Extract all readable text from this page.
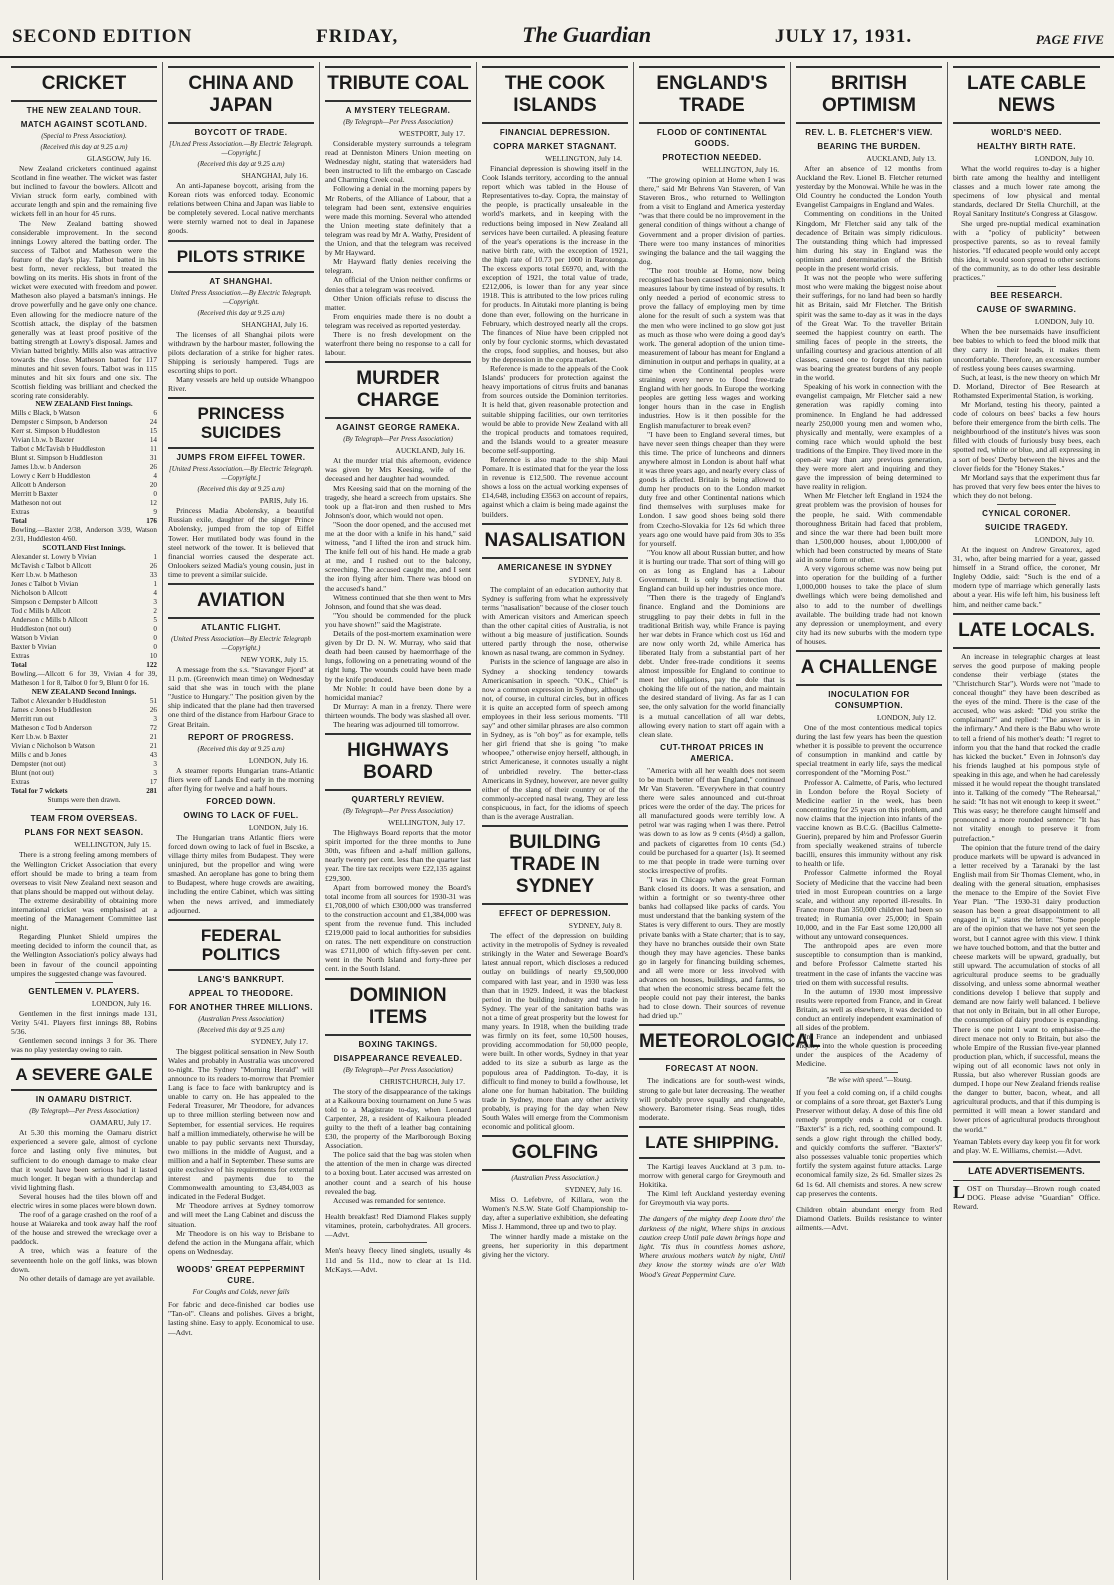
SECOND EDITION	FRIDAY,	The Guardian	JULY 17, 1931.	PAGE FIVE
CRICKET
THE NEW ZEALAND TOUR.
MATCH AGAINST SCOTLAND.
(Special to Press Association).
(Received this day at 9.25 a.m)
GLASGOW, July 16.

New Zealand cricketers continued against Scotland in fine weather. The wicket was faster but inclined to favour the bowlers. Allcott and Vivian struck form early, combined with accurate length and spin and the remaining five wickets fell in an hour for 45 runs.

The New Zealand batting showed considerable improvement. In the second innings Lowry altered the batting order. The success of Talbot and Matheson were the feature of the day's play. Talbot batted in his best form, never reckless, but treated the bowling on its merits. His shots in front of the wicket were executed with freedom and power. Matheson also played a batsman's innings. He drove powerfully and he gave only one chance. Even allowing for the mediocre nature of the Scottish attack, the display of the batsmen generally was at least proof positive of the batting strength at Lowry's disposal. James and Vivian batted brightly. Mills also was attractive towards the close. Matheson batted for 117 minutes and hit seven fours. Talbot was in 115 minutes and hit six fours and one six. The Scottish fielding was brilliant and checked the scoring rate considerably.

NEW ZEALAND First Innings.
Mills c Black, b Watson	6
Dempster c Simpson, b Anderson	24
Kerr st. Simpson b Huddleston	15
Vivian l.b.w. b Baxter	14
Talbot c McTavish b Huddleston	11
Blunt st. Simpson b Huddleston	31
James l.b.w. b Anderson	26
Lowry c Kerr b Huddleston	4
Allcott b Anderson	20
Merritt b Baxter	0
Matheson not out	12
Extras	9
Total	176
Bowling.—Baxter 2/38, Anderson 3/39, Watson 2/31, Huddleston 4/60.
SCOTLAND First Innings.
Alexander st. Lowry b Vivian	1
McTavish c Talbot b Allcott	26
Kerr l.b.w. b Matheson	33
Jones c Talbot b Vivian	1
Nicholson b Allcott	4
Simpson c Dempster b Allcott	3
Tod c Mills b Allcott	2
Anderson c Mills b Allcott	5
Huddleston (not out)	0
Watson b Vivian	0
Baxter b Vivian	0
Extras	10
Total	122
Bowling.—Allcott 6 for 39, Vivian 4 for 39, Matheson 1 for 8, Talbot 0 for 9, Blunt 0 for 16.
NEW ZEALAND Second Innings.
Talbot c Alexander b Huddleston	51
James c Jones b Huddleston	26
Merritt run out	3
Matheson c Tod b Anderson	72
Kerr l.b.w. b Baxter	21
Vivian c Nicholson b Watson	21
Mills c and b Jones	43
Dempster (not out)	3
Blunt (not out)	3
Extras	17
Total for 7 wickets	281
Stumps were then drawn.
TEAM FROM OVERSEAS.
PLANS FOR NEXT SEASON.
WELLINGTON, July 15.

There is a strong feeling among members of the Wellington Cricket Association that every effort should be made to bring a team from overseas to visit New Zealand next season and that plans should be mapped out without delay.

The extreme desirability of obtaining more international cricket was emphasised at a meeting of the Management Committee last night.

Regarding Plunket Shield umpires the meeting decided to inform the council that, as the Wellington Association's policy always had been in favour of the council appointing umpires the suggested change was favoured.

GENTLEMEN V. PLAYERS.
LONDON, July 16.

Gentlemen in the first innings made 131, Verity 5/41. Players first innings 88, Robins 5/36.

Gentlemen second innings 3 for 36. There was no play yesterday owing to rain.

A SEVERE GALE
IN OAMARU DISTRICT.
(By Telegraph—Per Press Association)
OAMARU, July 17.

At 5.30 this morning the Oamaru district experienced a severe gale, almost of cyclone force and lasting only five minutes, but sufficient to do enough damage to make clear that it would have been serious had it lasted much longer. It began with a thunderclap and vivid lightning flash.

Several houses had the tiles blown off and electric wires in some places were blown down.

The roof of a garage crashed on the roof of a house at Waiareka and took away half the roof of the house and strewed the wreckage over a paddock.

A tree, which was a feature of the seventeenth hole on the golf links, was blown down.

No other details of damage are yet available.

CHINA AND JAPAN
BOYCOTT OF TRADE.
[Un.ted Press Association.—By Electric Telegraph.—Copyright.]
(Received this day at 9.25 a.m)
SHANGHAI, July 16.

An anti-Japanese boycott, arising from the Korean riots was enforced today. Economic relations between China and Japan was liable to be completely severed. Local native merchants were sternly warned not to deal in Japanese goods.

PILOTS STRIKE
AT SHANGHAI.
United Press Association.—By Electric Telegraph.—Copyright.
(Received this day at 9.25 a.m)
SHANGHAI, July 16.

The licenses of all Shanghai pilots were withdrawn by the harbour master, following the pilots declaration of a strike for higher rates. Shipping is seriously hampered. Tugs are escorting ships to port.

Many vessels are held up outside Whangpoo River.

PRINCESS SUICIDES
JUMPS FROM EIFFEL TOWER.
[United Press Association.—By Electric Telegraph.—Copyright.]
(Received this day at 9.25 a.m)
PARIS, July 16.

Princess Madia Abolensky, a beautiful Russian exile, daughter of the singer Prince Abolensky, jumped from the top of Eiffel Tower. Her mutilated body was found in the steel network of the tower. It is believed that financial worries caused the desperate act. Onlookers seized Madia's young cousin, just in time to prevent a similar suicide.

AVIATION
ATLANTIC FLIGHT.
(United Press Association—By Electric Telegraph—Copyright.)
NEW YORK, July 15.

A message from the s.s. "Stavanger Fjord" at 11 p.m. (Greenwich mean time) on Wednesday said that she was in touch with the plane "Justice to Hungary." The position given by the ship indicated that the plane had then traversed one third of the distance from Harbour Grace to Great Britain.

REPORT OF PROGRESS.
(Received this day at 9.25 a.m)
LONDON, July 16.

A steamer reports Hungarian trans-Atlantic fliers were off Lands End early in the morning after flying for twelve and a half hours.

FORCED DOWN.
OWING TO LACK OF FUEL.
LONDON, July 16.

The Hungarian trans Atlantic fliers were forced down owing to lack of fuel in Bscske, a village thirty miles from Budapest. They were uninjured, but the propellor and wing were smashed. An aeroplane has gone to bring them to Budapest, where huge crowds are awaiting, including the entire Cabinet, which was sitting when the news arrived, and immediately adjourned.

FEDERAL POLITICS
LANG'S BANKRUPT.
APPEAL TO THEODORE.
FOR ANOTHER THREE MILLIONS.
(Australian Press Association)
(Received this day at 9.25 a.m)
SYDNEY, July 17.

The biggest political sensation in New South Wales and probably in Australia was uncovered to-night. The Sydney "Morning Herald" will announce to its readers to-morrow that Premier Lang is face to face with bankruptcy and is unable to carry on. He has appealed to the Federal Treasurer, Mr Theodore, for advances up to three million sterling between now and September, for essential services. He requires half a million immediately, otherwise he will be unable to pay public servants next Thursday, two millions in the middle of August, and a million and a half in September. These sums are quite exclusive of his requirements for external interest and payments due to the Commonwealth amounting to £3,484,003 as indicated in the Federal Budget.

Mr Theodore arrives at Sydney tomorrow and will meet the Lang Cabinet and discuss the situation.

Mr Theodore is on his way to Brisbane to defend the action in the Mungana affair, which opens on Wednesday.

WOODS' GREAT PEPPERMINT CURE.
For Coughs and Colds, never fails

For fabric and dece-finished car bodies use "Tan-ol". Cleans and polishes. Gives a bright, lasting shine. Easy to apply. Economical to use.—Advt.

TRIBUTE COAL
A MYSTERY TELEGRAM.
(By Telegraph—Per Press Association)
WESTPORT, July 17.

Considerable mystery surrounds a telegram read at Denniston Miners Union meeting on Wednesday night, stating that watersiders had been instructed to lift the embargo on Cascade and Charming Creek coal.

Following a denial in the morning papers by Mr Roberts, of the Alliance of Labour, that a telegram had been sent, extensive enquiries were made this morning. Several who attended the Union meeting state definitely that a telegram was read by Mr A. Wathy, President of the Union, and that the telegram was received by Mr Hayward.

Mr Hayward flatly denies receiving the telegram.

An official of the Union neither confirms or denies that a telegram was received.

Other Union officials refuse to discuss the matter.

From enquiries made there is no doubt a telegram was received as reported yesterday.

There is no fresh development on the waterfront there being no response to a call for labour.

MURDER CHARGE
AGAINST GEORGE RAMEKA.
(By Telegraph—Per Press Association)
AUCKLAND, July 16.

At the murder trial this afternoon, evidence was given by Mrs Keesing, wife of the deceased and her daughter had wounded.

Mrs Keesing said that on the morning of the tragedy, she heard a screech from upstairs. She took up a flat-iron and then rushed to Mrs Johnson's door, which would not open.

"Soon the door opened, and the accused met me at the door with a knife in his hand," said witness, "and I lifted the iron and struck him. The knife fell out of his hand. He made a grab at me, and I rushed out to the balcony, screeching. The accused caught me, and I sent the iron flying after him. There was blood on the accused's hand."

Witness continued that she then went to Mrs Johnson, and found that she was dead.

"You should be commended for the pluck you have shown!" said the Magistrate.

Details of the post-mortem examination were given by Dr D. N. W. Murray, who said that death had been caused by haemorrhage of the lungs, following on a penetrating wound of the right lung. The wounds could have been made by the knife produced.

Mr Noble: It could have been done by a homicidal maniac?

Dr Murray: A man in a frenzy. There were thirteen wounds. The body was slashed all over.

The hearing was adjourned till tomorrow.

HIGHWAYS BOARD
QUARTERLY REVIEW.
(By Telegraph—Per Press Association)
WELLINGTON, July 17.

The Highways Board reports that the motor spirit imported for the three months to June 30th, was fifteen and a-half million gallons, nearly twenty per cent. less than the quarter last year. The tire tax receipts were £22,135 against £29,300.

Apart from borrowed money the Board's total income from all sources for 1930-31 was £1,708,000 of which £300,000 was transferred to the construction account and £1,384,000 was spent from the revenue fund. This included £219,000 paid to local authorities for subsidies on rates. The nett expenditure on construction was £711,000 of which fifty-seven per cent. went in the North Island and forty-three per cent. in the South Island.

DOMINION ITEMS
BOXING TAKINGS.
DISAPPEARANCE REVEALED.
(By Telegraph—Per Press Association)
CHRISTCHURCH, July 17.

The story of the disappearance of the takings at a Kaikoura boxing tournament on June 5 was told to a Magistrate to-day, when Leonard Carpenter, 28, a resident of Kaikoura pleaded guilty to the theft of a leather bag containing £30, the property of the Marlborough Boxing Association.

The police said that the bag was stolen when the attention of the men in charge was directed to a boxing bout. Later accused was arrested on another count and a search of his house revealed the bag.

Accused was remanded for sentence.

Health breakfast! Red Diamond Flakes supply vitamines, protein, carbohydrates. All grocers.—Advt.

Men's heavy fleecy lined singlets, usually 4s 11d and 5s 11d., now to clear at 1s 11d. McKays.—Advt.

THE COOK ISLANDS
FINANCIAL DEPRESSION.
COPRA MARKET STAGNANT.
WELLINGTON, July 14.

Financial depression is showing itself in the Cook Islands territory, according to the annual report which was tabled in the House of Representatives to-day. Copra, the mainstay of the people, is practically unsaleable in the world's markets, and in keeping with the reductions being imposed in New Zealand all services have been curtailed. A pleasing feature of the year's operations is the increase in the native birth rate, with the exception of 1921, the high rate of 10.73 per 1000 in Rarotonga. The excess exports total £6970, and, with the exception of 1921, the total value of trade, £212,006, is lower than for any year since 1918. This is attributed to the low prices ruling for products. In Aitutaki more planting is being done than ever, following on the hurricane in February, which destroyed nearly all the crops. The finances of Niue have been crippled not only by four cyclonic storms, which devastated the crops, food supplies, and houses, but also by the depression in the copra market.

Reference is made to the appeals of the Cook Islands' producers for protection against the heavy importations of citrus fruits and bananas from sources outside the Dominion territories. It is held that, given reasonable protection and suitable shipping facilities, our own territories would be able to provide New Zealand with all the tropical products and tomatoes required, and the Islands would to a greater measure become self-supporting.

Reference is also made to the ship Maui Pomare. It is estimated that for the year the loss in revenue is £12,500. The revenue account shows a loss on the actual working expenses of £14,648, including £3563 on account of repairs, against which a claim is being made against the builders.

NASALISATION
AMERICANESE IN SYDNEY
SYDNEY, July 8.

The complaint of an education authority that Sydney is suffering from what he expressively terms "nasalisation" because of the closer touch with American visitors and American speech than the other capital cities of Australia, is not without a big measure of justification. Sounds uttered partly through the nose, otherwise known as nasal twang, are common in Sydney.

Purists in the science of language are also in Sydney a shocking tendency towards Americanisation in speech. "O.K., Chief" is now a common expression in Sydney, although not, of course, in cultural circles, but in offices it is quite an accepted form of speech among employees in their less serious moments. "I'll say" and other similar phrases are also common in Sydney, as is "oh boy" as for example, tells her girl friend that she is going "to make whoopee," otherwise enjoy herself, although, in strict Americanese, it connotes usually a night of unbridled revelry. The better-class Americans in Sydney, however, are never guilty either of the slang of their country or of the commonly-accepted nasal twang. They are less conspicuous, in fact, for the idioms of speech than is the average Australian.

BUILDING TRADE IN SYDNEY
EFFECT OF DEPRESSION.
SYDNEY, July 8.

The effect of the depression on building activity in the metropolis of Sydney is revealed strikingly in the Water and Sewerage Board's latest annual report, which discloses a reduced outlay on buildings of nearly £9,500,000 compared with last year, and in 1930 was less than that in 1929. Indeed, it was the blackest period in the building industry and trade in Sydney. The year of the sanitation baths was not a time of great prosperity but the lowest for many years. In 1918, when the building trade was firmly on its feet, some 10,500 houses, providing accommodation for 50,000 people, were built. In other words, Sydney in that year added to its size a suburb as large as the populous area of Paddington. To-day, it is difficult to find money to build a fowlhouse, let alone one for human habitation. The building trade in Sydney, more than any other activity probably, is praying for the day when New South Wales will emerge from the Commonism economic and political gloom.

GOLFING
(Australian Press Association.)
SYDNEY, July 16.

Miss O. Lefebvre, of Killara, won the Women's N.S.W. State Golf Championship to-day, after a superlative exhibition, she defeating Miss J. Hammond, three up and two to play.

The winner hardly made a mistake on the greens, her superiority in this department giving her the victory.

ENGLAND'S TRADE
FLOOD OF CONTINENTAL GOODS.
PROTECTION NEEDED.
WELLINGTON, July 16.

"The growing opinion at Home when I was there," said Mr Behrens Van Staveren, of Van Staveren Bros., who returned to Wellington from a visit to England and America yesterday "was that there could be no improvement in the general condition of things without a change of Government and a proper division of parties. There were too many instances of minorities swinging the balance and the tail wagging the dog.

"The root trouble at Home, now being recognised has been caused by unionism, which measures labour by time instead of by results. It only needed a period of economic stress to prove the fallacy of employing men by time alone for the result of such a system was that the men who were inclined to go slow got just as much as those who were doing a good day's work. The general adoption of the union time-measurement of labour has meant for England a diminution in output and perhaps in quality, at a time when the Continental peoples were straining every nerve to flood free-trade England with her goods. In Europe the working peoples are getting less wages and working longer hours than in the case in English industries. How is it then possible for the English manufacturer to break even?

"I have been to England several times, but have never seen things cheaper than they were this time. The price of luncheons and dinners anywhere almost in London is about half what it was three years ago, and nearly every class of goods is affected. Britain is being allowed to dump her products on to the London market duty free and other Continental nations which find themselves with surpluses make for London. I saw good shoes being sold there from Czecho-Slovakia for 12s 6d which three years ago one would have paid from 30s to 35s for yourself.

"You know all about Russian butter, and how it is hurting our trade. That sort of thing will go on as long as England has a Labour Government. It is only by protection that England can build up her industries once more.

"Then there is the tragedy of England's finance. England and the Dominions are struggling to pay their debts in full in the traditional British way, while France is paying her war debts in France which cost us 16d and are now only worth 2d, while America has liberated Italy from a substantial part of her debt. Under free-trade conditions it seems almost impossible for England to continue to meet her obligations, pay the dole that is choking the life out of the nation, and maintain the desired standard of living. As far as I can see, the only salvation for the world financially is a mutual cancellation of all war debts, allowing every nation to start off again with a clean slate.

CUT-THROAT PRICES IN AMERICA.

"America with all her wealth does not seem to be much better off than England," continued Mr Van Staveren. "Everywhere in that country there were sales announced and cut-throat prices were the order of the day. The prices for all manufactured goods were terribly low. A petrol war was raging when I was there. Petrol was down to as low as 9 cents (4½d) a gallon, and packets of cigarettes from 10 cents (5d.) could be purchased for a quarter (1s). It seemed to me that people in trade were turning over stocks irrespective of profits.

"I was in Chicago when the great Forman Bank closed its doors. It was a sensation, and within a fortnight or so twenty-three other banks had collapsed like packs of cards. You must understand that the banking system of the States is very different to ours. They are mostly private banks with a State charter; that is to say, they have no branches outside their own State though they may have agencies. These banks go in largely for financing building schemes, and all were more or less involved with advances on houses, buildings, and farms, so that when the economic stress became felt the people could not pay their interest, the banks had to close down. Their sources of revenue had dried up."

METEOROLOGICAL
FORECAST AT NOON.

The indications are for south-west winds, strong to gale but later decreasing. The weather will probably prove squally and changeable, showery. Barometer rising. Seas rough, tides moderate.

LATE SHIPPING.

The Kartigi leaves Auckland at 3 p.m. to-morrow with general cargo for Greymouth and Hokitika.

The Kiml left Auckland yesterday evening for Greymouth via way ports.

The dangers of the mighty deep Loom thro' the darkness of the night, Where ships in anxious caution creep Until pale dawn brings hope and light. 'Tis thus in countless homes ashore, Where anxious mothers watch by night, Until they know the stormy winds are o'er With Wood's Great Peppermint Cure.

BRITISH OPTIMISM
REV. L. B. FLETCHER'S VIEW.
BEARING THE BURDEN.
AUCKLAND, July 13.

After an absence of 12 months from Auckland the Rev. Lionel B. Fletcher returned yesterday by the Monowai. While he was in the Old Country he conducted the London Youth Evangelist Campaigns in England and Wales.

Commenting on conditions in the United Kingdom, Mr Fletcher said any talk of the decadence of Britain was simply ridiculous. The outstanding thing which had impressed him during his stay in England was the optimism and determination of the British people in the present world crisis.

It was not the people who were suffering most who were making the biggest noise about their sufferings, for no land had been so hardly hit as Britain, said Mr Fletcher. The British spirit was the same to-day as it was in the days of the Great War. To the traveller Britain seemed the happiest country on earth. The smiling faces of people in the streets, the unfailing courtesy and gracious attention of all classes, caused one to forget that this nation was bearing the greatest burdens of any people in the world.

Speaking of his work in connection with the evangelist campaign, Mr Fletcher said a new generation was rapidly coming into prominence. In England he had addressed nearly 250,000 young men and women who, physically and mentally, were examples of a coming race which would uphold the best traditions of the Empire. They lived more in the open-air way than any previous generation, they were more alert and inquiring and they gave the impression of being determined to have reality in religion.

When Mr Fletcher left England in 1924 the great problem was the provision of houses for the people, he said. With commendable thoroughness Britain had faced that problem, and since the war there had been built more than 1,500,000 houses, about 1,000,000 of which had been constructed by means of State aid in some form or other.

A very vigorous scheme was now being put into operation for the building of a further 1,000,000 houses to take the place of slum dwellings which were being demolished and also to add to the number of dwellings available. The building trade had not known any depression or unemployment, and every city had its new suburbs with the modern type of houses.

A CHALLENGE
INOCULATION FOR CONSUMPTION.
LONDON, July 12.

One of the most contentious medical topics during the last few years has been the question whether it is possible to prevent the occurrence of consumption in mankind and cattle by special treatment in early life, says the medical correspondent of the "Morning Post."

Professor A. Calmette, of Paris, who lectured in London before the Royal Society of Medicine earlier in the week, has been concentrating for 25 years on this problem, and now claims that the injection into infants of the vaccine known as B.C.G. (Bacillus Calmette-Guerin), prepared by him and Professor Guerin from specially weakened strains of tubercle bacilli, ensures this immunity without any risk to health or life.

Professor Calmette informed the Royal Society of Medicine that the vaccine had been tried in most European countries on a large scale, and without any reported ill-results. In France more than 350,000 children had been so treated; in Rumania over 25,000; in Spain 10,000, and in the Far East some 120,000 all without any untoward consequences.

The anthropoid apes are even more susceptible to consumption than is mankind, and before Professor Calmette started his treatment in the case of infants the vaccine was tried on them with successful results.

In the autumn of 1930 most impressive results were reported from France, and in Great Britain, as well as elsewhere, it was decided to conduct an entirely independent examination of all sides of the problem.

In France an independent and unbiased enquiry into the whole question is proceeding under the auspices of the Academy of Medicine.

"Be wise with speed."—Young.

If you feel a cold coming on, if a child coughs or complains of a sore throat, get Baxter's Lung Preserver without delay. A dose of this fine old remedy promptly ends a cold or cough. "Baxter's" is a rich, red, soothing compound. It sends a glow right through the chilled body, and quickly comforts the sufferer. "Baxter's" also possesses valuable tonic properties which fortify the system against future attacks. Large economical family size, 2s 6d. Smaller sizes 2s 6d 1s 6d. All chemists and stores. A new screw cap preserves the contents.

Children obtain abundant energy from Red Diamond Oatlets. Builds resistance to winter ailments.—Advt.

LATE CABLE NEWS
WORLD'S NEED.
HEALTHY BIRTH RATE.
LONDON, July 10.

What the world requires to-day is a higher birth rate among the healthy and intelligent classes and a much lower rate among the specimens of low physical and mental standards, declared Dr Stella Churchill, at the Royal Sanitary Institute's Congress at Glasgow.

She urged pre-nuptial medical examination with a "policy of publicity" between prospective parents, so as to reveal family histories. "If educated people would only accept this idea, it would soon spread to other sections of the community, as to do other less desirable practices."

BEE RESEARCH.
CAUSE OF SWARMING.
LONDON, July 10.

When the bee nursemaids have insufficient bee babies to which to feed the blood milk that they carry in their heads, it makes them uncomfortable. Therefore, an excessive number of restless young bees causes swarming.

Such, at least, is the new theory on which Mr D. Morland, Director of Bee Research at Rothamsted Experimental Station, is working.

Mr Morland, testing his theory, painted a code of colours on bees' backs a few hours before their emergence from the birth cells. The neighbourhood of the institute's hives was soon filled with clouds of furiously busy bees, each spotted red, white or blue, and all expressing in a sort of bees' Derby between the hives and the clover fields for the "Honey Stakes."

Mr Morland says that the experiment thus far has proved that very few bees enter the hives to which they do not belong.

CYNICAL CORONER.
SUICIDE TRAGEDY.
LONDON, July 10.

At the inquest on Andrew Greatorex, aged 31, who, after being married for a year, gassed himself in a Strand office, the coroner, Mr Ingleby Oddie, said: "Such is the end of a modern type of marriage which generally lasts about a year. His wife left him, his business left him, and neither came back."

LATE LOCALS.

An increase in telegraphic charges at least serves the good purpose of making people condense their verbiage (states the "Christchurch Star"). Words were not "made to conceal thought" they have been described as the eyes of the mind. There is the case of the accused, who was asked: "Did you strike the complainant?" and replied: "The answer is in the infirmary." And there is the Babu who wrote to tell a friend of his mother's death: "I regret to inform you that the hand that rocked the cradle has kicked the bucket." Even in Johnson's day his friends laughed at his pompous style of speaking in this age, and when he had carelessly missed it he would repeat the thought translated into it. Talking of the comedy "The Rehearsal," he said: "It has not wit enough to keep it sweet." This was easy; he therefore caught himself and pronounced a more rounded sentence: "It has not vitality enough to preserve it from putrefaction."

The opinion that the future trend of the dairy produce markets will be upward is advanced in a letter received by a Taranaki by the last English mail from Sir Thomas Clement, who, in dealing with the general situation, emphasises the menace to the Empire of the Soviet Five Year Plan. "The 1930-31 dairy production season has been a great disappointment to all engaged in it," states the letter. "Some people are of the opinion that we have not yet seen the worst, but I cannot agree with this view. I think we have touched bottom, and that the butter and cheese markets will be upward, gradually, but still upward. The accumulation of stocks of all agricultural produce seems to be gradually dissolving, and unless some abnormal weather conditions develop I believe that supply and demand are now fairly well balanced. I believe that not only in Britain, but in all other Europe, the consumption of dairy produce is expanding. There is one point I want to emphasise—the direct menace not only to Britain, but also the whole Empire of the Russian five-year planned production plan, which, if successful, means the wiping out of all economic laws not only in Russia, but also wherever Russian goods are dumped. I hope our New Zealand friends realise the danger to butter, bacon, wheat, and all agricultural products, and that if this dumping is permitted it will mean a lower standard and lower prices of agricultural products throughout the world."

Yeaman Tablets every day keep you fit for work and play. W. E. Williams, chemist.—Advt.

LATE ADVERTISEMENTS.

LOST on Thursday—Brown rough coated DOG. Please advise "Guardian" Office. Reward.
